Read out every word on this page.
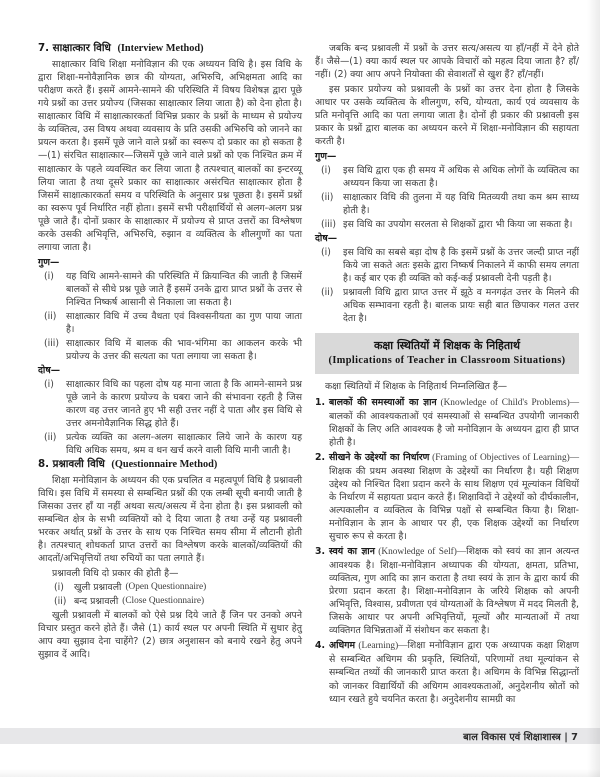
7. साक्षात्कार विधि (Interview Method)

साक्षात्कार विधि शिक्षा मनोविज्ञान की एक अध्ययन विधि है। इस विधि के द्वारा शिक्षा-मनोवैज्ञानिक छात्र की योग्यता, अभिरुचि, अभिक्षमता आदि का परीक्षण करते हैं। इसमें आमने-सामने की परिस्थिति में विषय विशेषज्ञ द्वारा पूछे गये प्रश्नों का उत्तर प्रयोज्य (जिसका साक्षात्कार लिया जाता है) को देना होता है। साक्षात्कार विधि में साक्षात्कारकर्ता विभिन्न प्रकार के प्रश्नों के माध्यम से प्रयोज्य के व्यक्तित्व, उस विषय अथवा व्यवसाय के प्रति उसकी अभिरुचि को जानने का प्रयत्न करता है। इसमें पूछे जाने वाले प्रश्नों का स्वरूप दो प्रकार का हो सकता है—(1) संरचित साक्षात्कार—जिसमें पूछे जाने वाले प्रश्नों को एक निश्चित क्रम में साक्षात्कार के पहले व्यवस्थित कर लिया जाता है तत्पश्चात् बालकों का इन्टरव्यू लिया जाता है तथा दूसरे प्रकार का साक्षात्कार असंरचित साक्षात्कार होता है जिसमें साक्षात्कारकर्ता समय व परिस्थिति के अनुसार प्रश्न पूछता है। इसमें प्रश्नों का स्वरूप पूर्व निर्धारित नहीं होता। इसमें सभी परीक्षार्थियों से अलग-अलग प्रश्न पूछे जाते हैं। दोनों प्रकार के साक्षात्कार में प्रयोज्य से प्राप्त उत्तरों का विश्लेषण करके उसकी अभिवृत्ति, अभिरुचि, रुझान व व्यक्तित्व के शीलगुणों का पता लगाया जाता है।

गुण—
(i)	यह विधि आमने-सामने की परिस्थिति में क्रियान्वित की जाती है जिसमें बालकों से सीधे प्रश्न पूछे जाते हैं इसमें उनके द्वारा प्राप्त प्रश्नों के उत्तर से निश्चित निष्कर्ष आसानी से निकाला जा सकता है।
(ii)	साक्षात्कार विधि में उच्च वैधता एवं विश्वसनीयता का गुण पाया जाता है।
(iii) साक्षात्कार विधि में बालक की भाव-भंगिमा का आकलन करके भी प्रयोज्य के उत्तर की सत्यता का पता लगाया जा सकता है।
दोष—
(i)	साक्षात्कार विधि का पहला दोष यह माना जाता है कि आमने-सामने प्रश्न पूछे जाने के कारण प्रयोज्य के घबरा जाने की संभावना रहती है जिस कारण वह उत्तर जानते हुए भी सही उत्तर नहीं दे पाता और इस विधि से उत्तर अमनोवैज्ञानिक सिद्ध होते हैं।
(ii)	प्रत्येक व्यक्ति का अलग-अलग साक्षात्कार लिये जाने के कारण यह विधि अधिक समय, श्रम व धन खर्च करने वाली विधि मानी जाती है।
8. प्रश्नावली विधि (Questionnaire Method)

शिक्षा मनोविज्ञान के अध्ययन की एक प्रचलित व महत्वपूर्ण विधि है प्रश्नावली विधि। इस विधि में समस्या से सम्बन्धित प्रश्नों की एक लम्बी सूची बनायी जाती है जिसका उत्तर हाँ या नहीं अथवा सत्य/असत्य में देना होता है। इस प्रश्नावली को सम्बन्धित क्षेत्र के सभी व्यक्तियों को दे दिया जाता है तथा उन्हें यह प्रश्नावली भरकर अर्थात् प्रश्नों के उत्तर के साथ एक निश्चित समय सीमा में लौटानी होती है। तत्पश्चात् शोधकर्ता प्राप्त उत्तरों का विश्लेषण करके बालकों/व्यक्तियों की आदतों/अभिवृत्तियों तथा रुचियों का पता लगाते हैं।

प्रश्नावली विधि दो प्रकार की होती है—
(i)	खुली प्रश्नावली (Open Questionnaire)
(ii) बन्द प्रश्नावली (Close Questionnaire)

खुली प्रश्नावली में बालकों को ऐसे प्रश्न दिये जाते हैं जिन पर उनको अपने विचार प्रस्तुत करने होते हैं। जैसे (1) कार्य स्थल पर अपनी स्थिति में सुधार हेतु आप क्या सुझाव देना चाहेंगे? (2) छात्र अनुशासन को बनाये रखने हेतु अपने सुझाव दें आदि।

जबकि बन्द प्रश्नावली में प्रश्नों के उत्तर सत्य/असत्य या हाँ/नहीं में देने होते हैं। जैसे—(1) क्या कार्य स्थल पर आपके विचारों को महत्व दिया जाता है? हाँ/नहीं। (2) क्या आप अपने नियोक्ता की सेवाशर्तों से खुश हैं? हाँ/नहीं।

इस प्रकार प्रयोज्य को प्रश्नावली के प्रश्नों का उत्तर देना होता है जिसके आधार पर उसके व्यक्तित्व के शीलगुण, रुचि, योग्यता, कार्य एवं व्यवसाय के प्रति मनोवृत्ति आदि का पता लगाया जाता है। दोनों ही प्रकार की प्रश्नावली इस प्रकार के प्रश्नों द्वारा बालक का अध्ययन करने में शिक्षा-मनोविज्ञान की सहायता करती है।

गुण—
(i)	इस विधि द्वारा एक ही समय में अधिक से अधिक लोगों के व्यक्तित्व का अध्ययन किया जा सकता है।
(ii)	साक्षात्कार विधि की तुलना में यह विधि मितव्ययी तथा कम श्रम साध्य होती है।
(iii) इस विधि का उपयोग सरलता से शिक्षकों द्वारा भी किया जा सकता है।
दोष—
(i)	इस विधि का सबसे बड़ा दोष है कि इसमें प्रश्नों के उत्तर जल्दी प्राप्त नहीं किये जा सकते अतः इसके द्वारा निष्कर्ष निकालने में काफी समय लगता है। कई बार एक ही व्यक्ति को कई-कई प्रश्नावली देनी पड़ती है।
(ii)	प्रश्नावली विधि द्वारा प्राप्त उत्तर में झूठे व मनगढ़ंत उत्तर के मिलने की अधिक सम्भावना रहती है। बालक प्रायः सही बात छिपाकर गलत उत्तर देता है।
कक्षा स्थितियों में शिक्षक के निहितार्थ
(Implications of Teacher in Classroom Situations)
कक्षा स्थितियों में शिक्षक के निहितार्थ निम्नलिखित हैं—
1. बालकों की समस्याओं का ज्ञान (Knowledge of Child's Problems)—बालकों की आवश्यकताओं एवं समस्याओं से सम्बन्धित उपयोगी जानकारी शिक्षकों के लिए अति आवश्यक है जो मनोविज्ञान के अध्ययन द्वारा ही प्राप्त होती है।
2. सीखने के उद्देश्यों का निर्धारण (Framing of Objectives of Learning)—शिक्षक की प्रथम अवस्था शिक्षण के उद्देश्यों का निर्धारण है। यही शिक्षण उद्देश्य को निश्चित दिशा प्रदान करने के साथ शिक्षण एवं मूल्यांकन विधियों के निर्धारण में सहायता प्रदान करते हैं। शिक्षाविदों ने उद्देश्यों को दीर्घकालीन, अल्पकालीन व व्यक्तित्व के विभिन्न पक्षों से सम्बन्धित किया है। शिक्षा-मनोविज्ञान के ज्ञान के आधार पर ही, एक शिक्षक उद्देश्यों का निर्धारण सुचारु रूप से करता है।
3. स्वयं का ज्ञान (Knowledge of Self)—शिक्षक को स्वयं का ज्ञान अत्यन्त आवश्यक है। शिक्षा-मनोविज्ञान अध्यापक की योग्यता, क्षमता, प्रतिभा, व्यक्तित्व, गुण आदि का ज्ञान कराता है तथा स्वयं के ज्ञान के द्वारा कार्य की प्रेरणा प्रदान करता है। शिक्षा-मनोविज्ञान के जरिये शिक्षक को अपनी अभिवृत्ति, विश्वास, प्रवीणता एवं योग्यताओं के विश्लेषण में मदद मिलती है, जिसके आधार पर अपनी अभिवृत्तियों, मूल्यों और मान्यताओं में तथा व्यक्तिगत विभिन्नताओं में संशोधन कर सकता है।
4. अधिगम (Learning)—शिक्षा मनोविज्ञान द्वारा एक अध्यापक कक्षा शिक्षण से सम्बन्धित अधिगम की प्रकृति, स्थितियों, परिणामों तथा मूल्यांकन से सम्बन्धित तथ्यों की जानकारी प्राप्त करता है। अधिगम के विभिन्न सिद्धान्तों को जानकर विद्यार्थियों की अधिगम आवश्यकताओं, अनुदेशनीय स्रोतों को ध्यान रखते हुये चयनित करता है। अनुदेशनीय सामग्री का
बाल विकास एवं शिक्षाशास्त्र | 7
